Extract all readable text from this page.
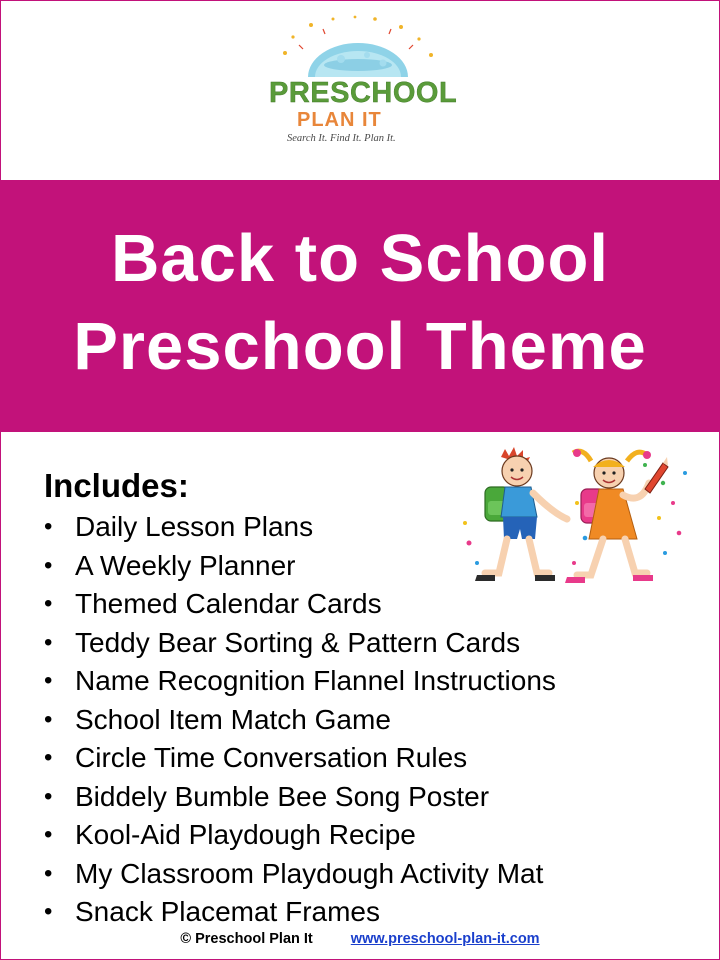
PRESCHOOL
PLAN IT
Search It. Find It. Plan It.
Back to School
Preschool Theme
Includes:
• Daily Lesson Plans
• A Weekly Planner
• Themed Calendar Cards
• Teddy Bear Sorting & Pattern Cards
• Name Recognition Flannel Instructions
• School Item Match Game
• Circle Time Conversation Rules
• Biddely Bumble Bee Song Poster
• Kool-Aid Playdough Recipe
• My Classroom Playdough Activity Mat
• Snack Placemat Frames
© Preschool Plan It	www.preschool-plan-it.com
